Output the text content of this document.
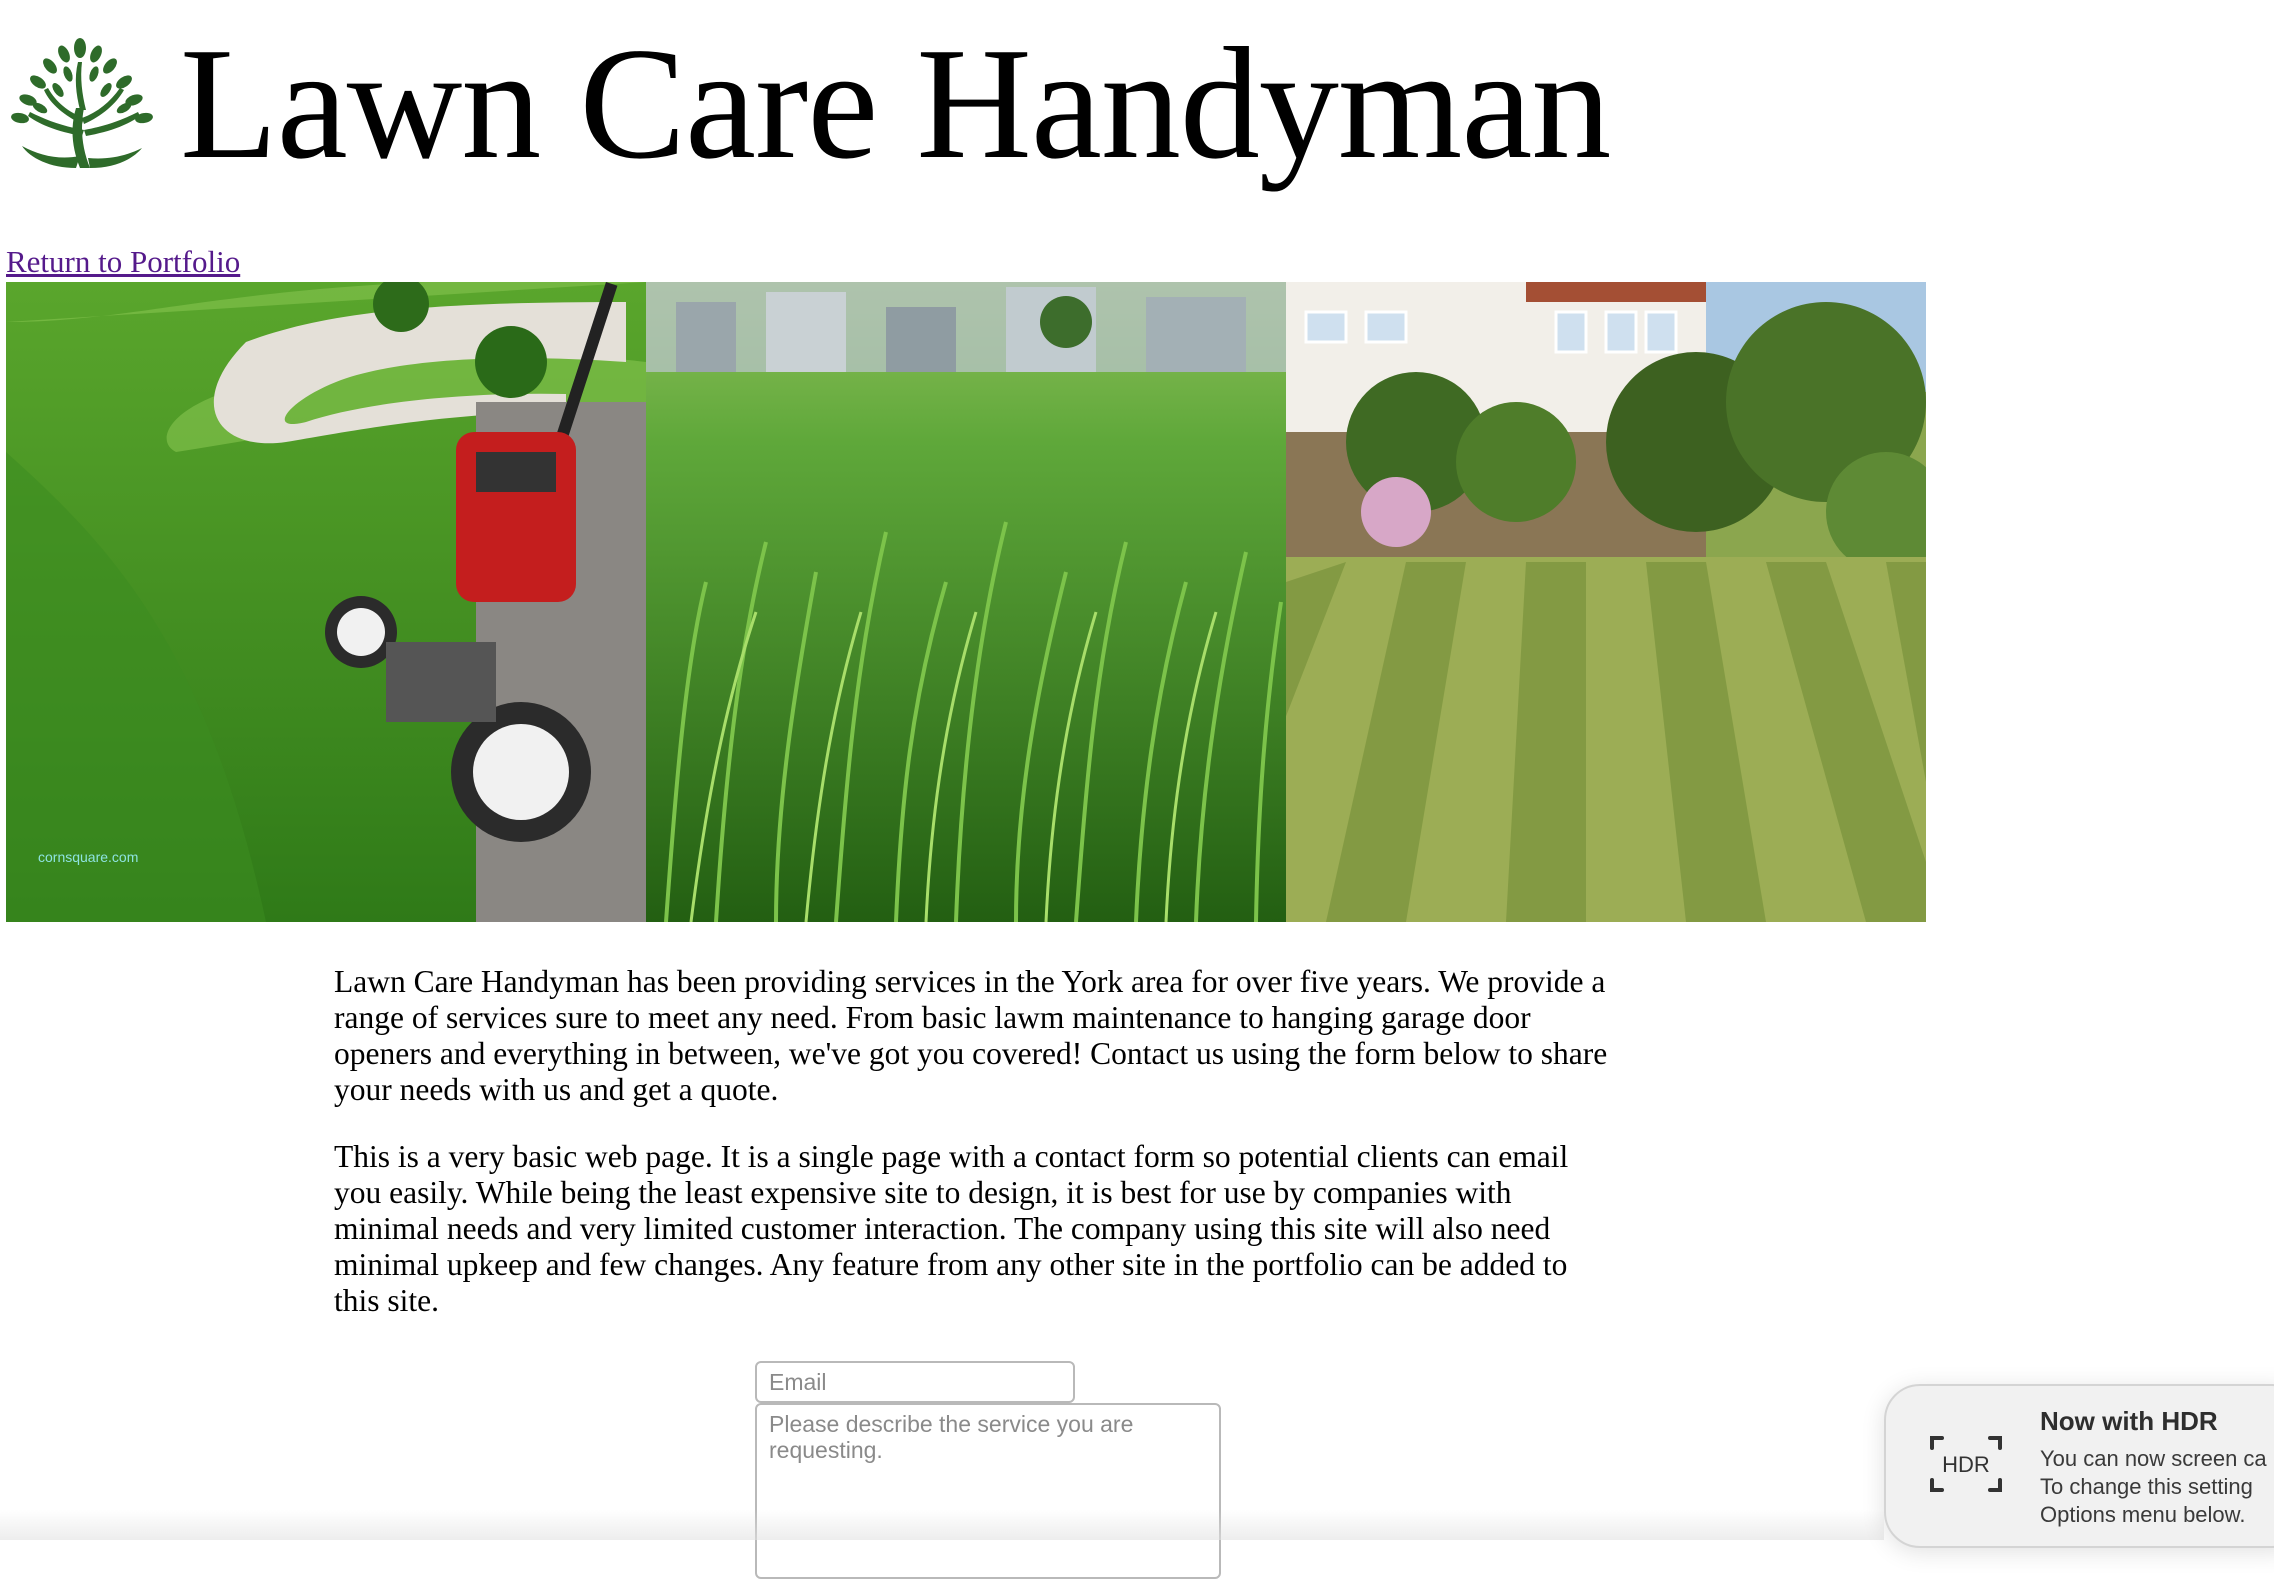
Lawn Care Handyman
Return to Portfolio
cornsquare.com

Lawn Care Handyman has been providing services in the York area for over five years. We provide a range of services sure to meet any need. From basic lawm maintenance to hanging garage door openers and everything in between, we've got you covered! Contact us using the form below to share your needs with us and get a quote.

This is a very basic web page. It is a single page with a contact form so potential clients can email you easily. While being the least expensive site to design, it is best for use by companies with minimal needs and very limited customer interaction. The company using this site will also need minimal upkeep and few changes. Any feature from any other site in the portfolio can be added to this site.

Email
Please describe the service you are requesting.
HDR
Now with HDR
You can now screen ca
To change this setting
Options menu below.
